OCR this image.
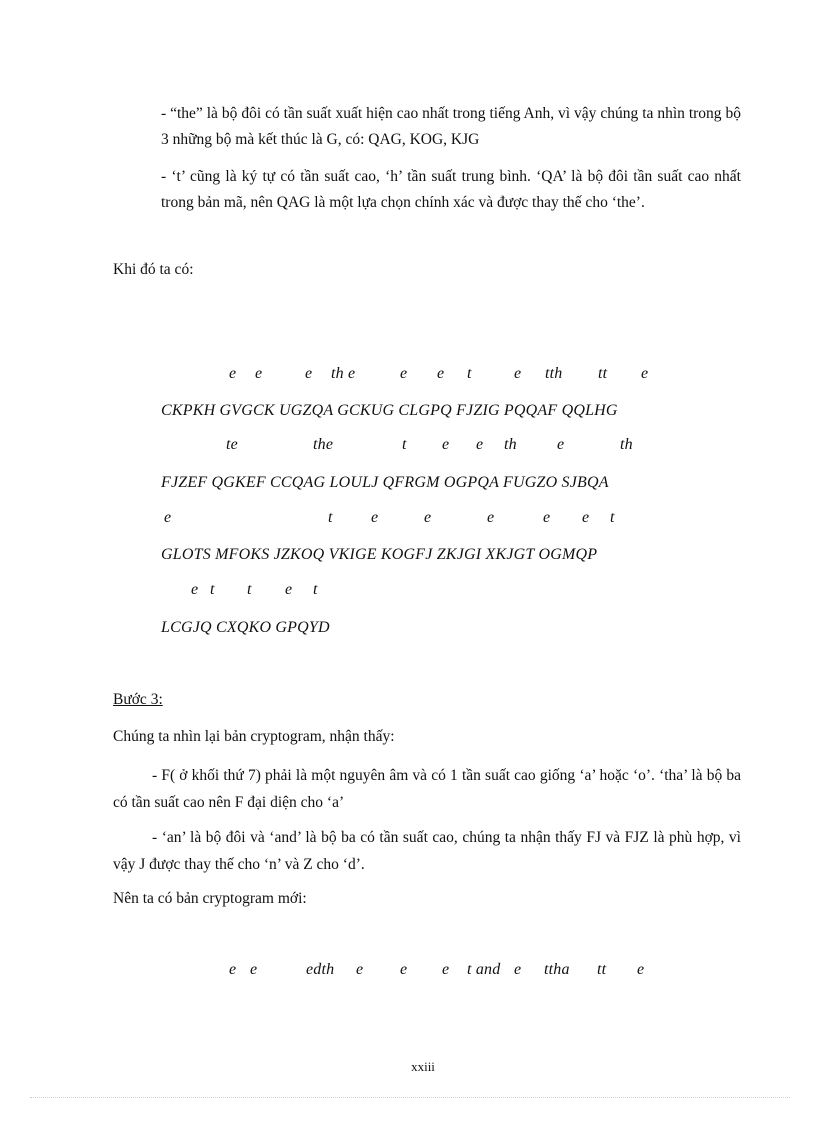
- “the” là bộ đôi có tần suất xuất hiện cao nhất trong tiếng Anh, vì vậy chúng ta nhìn trong bộ 3 những bộ mà kết thúc là G, có: QAG, KOG, KJG
- ‘t’ cũng là ký tự có tần suất cao, ‘h’ tần suất trung bình. ‘QA’ là bộ đôi tần suất cao nhất trong bản mã, nên QAG là một lựa chọn chính xác và được thay thế cho ‘the’.
Khi đó ta có:
e e	e th e	e e t	e tth tt e
CKPKH GVGCK UGZQA GCKUG CLGPQ FJZIG PQQAF QQLHG
te	the	t e e th	e	th
FJZEF QGKEF CCQAG LOULJ QFRGM OGPQA FUGZO SJBQA
e	t e	e	e	e e t
GLOTS MFOKS JZKOQ VKIGE KOGFJ ZKJGI XKJGT OGMQP
e t t e t
LCGJQ CXQKO GPQYD
Bước 3:
Chúng ta nhìn lại bản cryptogram, nhận thấy:
- F( ở khối thứ 7) phải là một nguyên âm và có 1 tần suất cao giống ‘a’ hoặc ‘o’. ‘tha’ là bộ ba có tần suất cao nên F đại diện cho ‘a’
- ‘an’ là bộ đôi và ‘and’ là bộ ba có tần suất cao, chúng ta nhận thấy FJ và FJZ là phù hợp, vì vậy J được thay thế cho ‘n’ và Z cho ‘d’.
Nên ta có bản cryptogram mới:
e e	edth e e e t and e ttha tt e
xxiii
